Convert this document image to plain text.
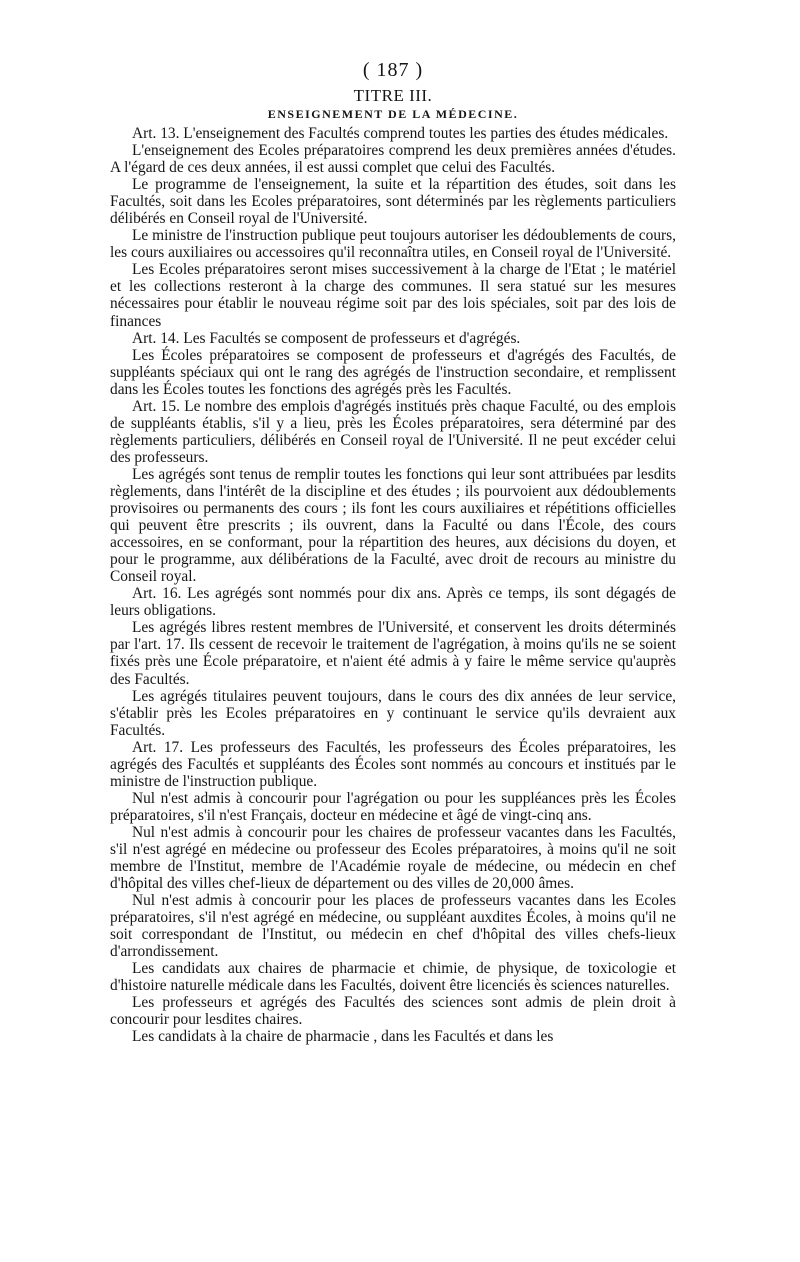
( 187 )
TITRE III.
ENSEIGNEMENT DE LA MÉDECINE.

Art. 13. L'enseignement des Facultés comprend toutes les parties des études médicales.

L'enseignement des Ecoles préparatoires comprend les deux premières années d'études. A l'égard de ces deux années, il est aussi complet que celui des Facultés.

Le programme de l'enseignement, la suite et la répartition des études, soit dans les Facultés, soit dans les Ecoles préparatoires, sont déterminés par les règlements particuliers délibérés en Conseil royal de l'Université.

Le ministre de l'instruction publique peut toujours autoriser les dédoublements de cours, les cours auxiliaires ou accessoires qu'il reconnaîtra utiles, en Conseil royal de l'Université.

Les Ecoles préparatoires seront mises successivement à la charge de l'Etat ; le matériel et les collections resteront à la charge des communes. Il sera statué sur les mesures nécessaires pour établir le nouveau régime soit par des lois spéciales, soit par des lois de finances

Art. 14. Les Facultés se composent de professeurs et d'agrégés.

Les Écoles préparatoires se composent de professeurs et d'agrégés des Facultés, de suppléants spéciaux qui ont le rang des agrégés de l'instruction secondaire, et remplissent dans les Écoles toutes les fonctions des agrégés près les Facultés.

Art. 15. Le nombre des emplois d'agrégés institués près chaque Faculté, ou des emplois de suppléants établis, s'il y a lieu, près les Écoles préparatoires, sera déterminé par des règlements particuliers, délibérés en Conseil royal de l'Université. Il ne peut excéder celui des professeurs.

Les agrégés sont tenus de remplir toutes les fonctions qui leur sont attribuées par lesdits règlements, dans l'intérêt de la discipline et des études ; ils pourvoient aux dédoublements provisoires ou permanents des cours ; ils font les cours auxiliaires et répétitions officielles qui peuvent être prescrits ; ils ouvrent, dans la Faculté ou dans l'École, des cours accessoires, en se conformant, pour la répartition des heures, aux décisions du doyen, et pour le programme, aux délibérations de la Faculté, avec droit de recours au ministre du Conseil royal.

Art. 16. Les agrégés sont nommés pour dix ans. Après ce temps, ils sont dégagés de leurs obligations.

Les agrégés libres restent membres de l'Université, et conservent les droits déterminés par l'art. 17. Ils cessent de recevoir le traitement de l'agrégation, à moins qu'ils ne se soient fixés près une École préparatoire, et n'aient été admis à y faire le même service qu'auprès des Facultés.

Les agrégés titulaires peuvent toujours, dans le cours des dix années de leur service, s'établir près les Ecoles préparatoires en y continuant le service qu'ils devraient aux Facultés.

Art. 17. Les professeurs des Facultés, les professeurs des Écoles préparatoires, les agrégés des Facultés et suppléants des Écoles sont nommés au concours et institués par le ministre de l'instruction publique.

Nul n'est admis à concourir pour l'agrégation ou pour les suppléances près les Écoles préparatoires, s'il n'est Français, docteur en médecine et âgé de vingt-cinq ans.

Nul n'est admis à concourir pour les chaires de professeur vacantes dans les Facultés, s'il n'est agrégé en médecine ou professeur des Ecoles préparatoires, à moins qu'il ne soit membre de l'Institut, membre de l'Académie royale de médecine, ou médecin en chef d'hôpital des villes chef-lieux de département ou des villes de 20,000 âmes.

Nul n'est admis à concourir pour les places de professeurs vacantes dans les Ecoles préparatoires, s'il n'est agrégé en médecine, ou suppléant auxdites Écoles, à moins qu'il ne soit correspondant de l'Institut, ou médecin en chef d'hôpital des villes chefs-lieux d'arrondissement.

Les candidats aux chaires de pharmacie et chimie, de physique, de toxicologie et d'histoire naturelle médicale dans les Facultés, doivent être licenciés ès sciences naturelles.

Les professeurs et agrégés des Facultés des sciences sont admis de plein droit à concourir pour lesdites chaires.

Les candidats à la chaire de pharmacie , dans les Facultés et dans les
